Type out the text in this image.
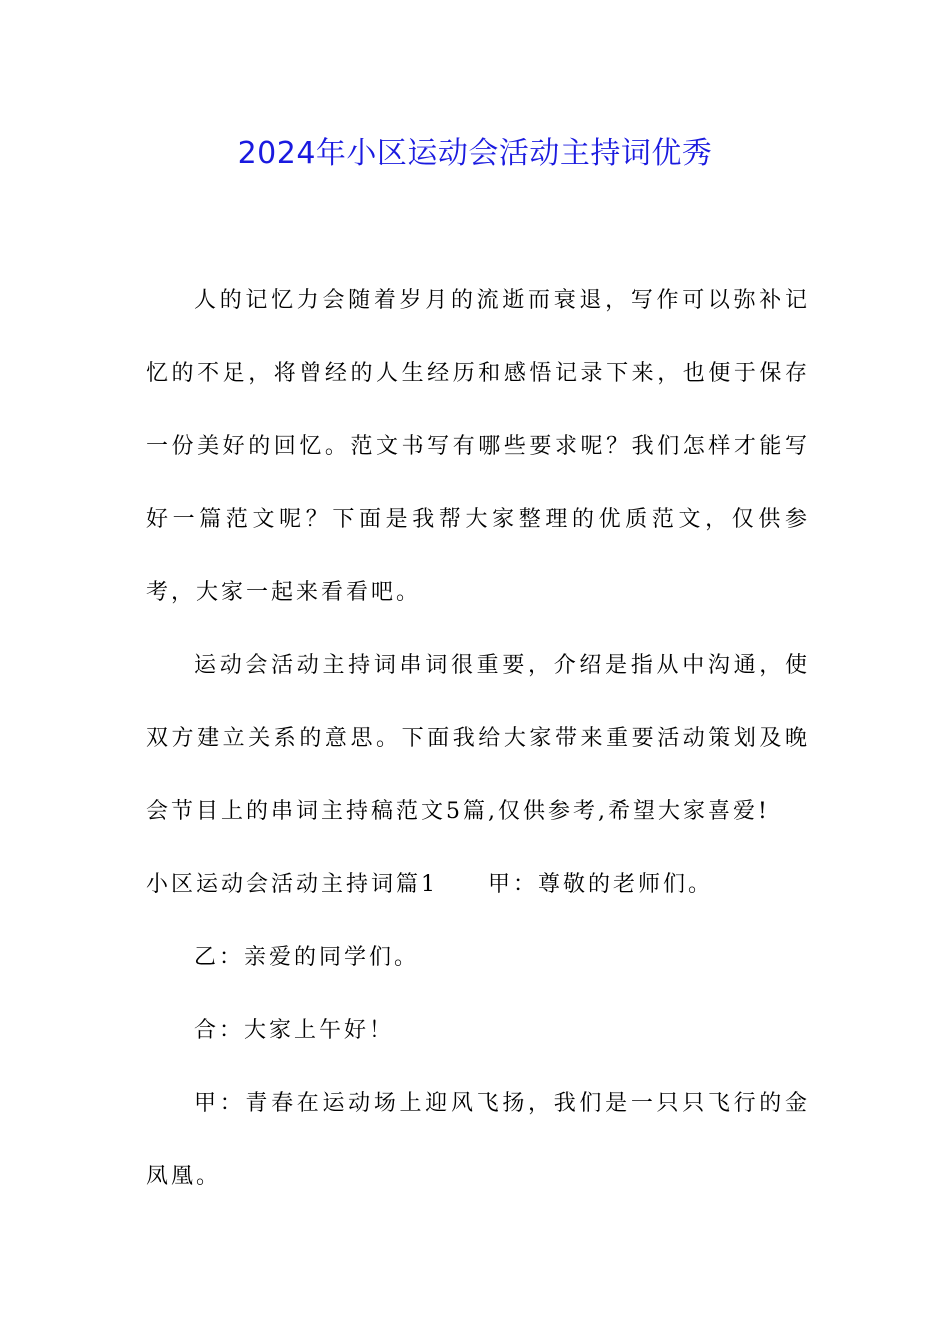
2024年小区运动会活动主持词优秀

人的记忆力会随着岁月的流逝而衰退，写作可以弥补记忆的不足，将曾经的人生经历和感悟记录下来，也便于保存一份美好的回忆。范文书写有哪些要求呢？我们怎样才能写好一篇范文呢？下面是我帮大家整理的优质范文，仅供参考，大家一起来看看吧。

运动会活动主持词串词很重要，介绍是指从中沟通，使双方建立关系的意思。下面我给大家带来重要活动策划及晚会节目上的串词主持稿范文5篇,仅供参考,希望大家喜爱!

小区运动会活动主持词篇1 甲：尊敬的老师们。

乙：亲爱的同学们。

合：大家上午好！

甲：青春在运动场上迎风飞扬，我们是一只只飞行的金凤凰。
